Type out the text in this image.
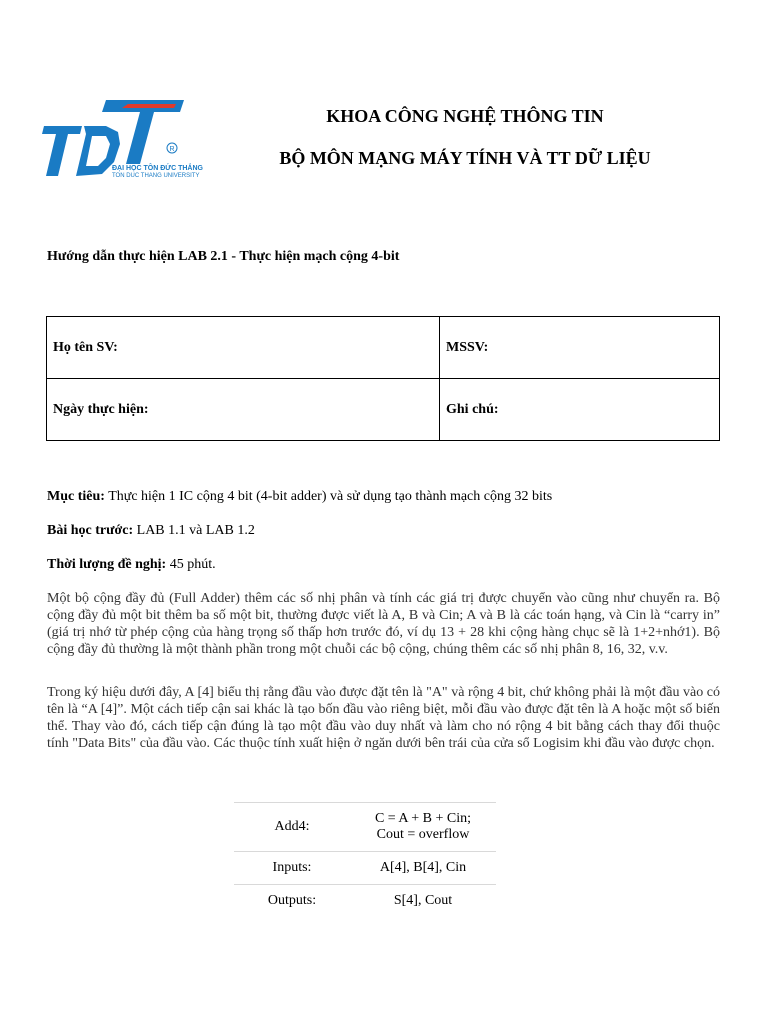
R
ĐẠI HỌC TÔN ĐỨC THẮNG
TON DUC THANG UNIVERSITY
KHOA CÔNG NGHỆ THÔNG TIN
BỘ MÔN MẠNG MÁY TÍNH VÀ TT DỮ LIỆU
Hướng dẫn thực hiện LAB 2.1 - Thực hiện mạch cộng 4-bit
Họ tên SV:	MSSV:
Ngày thực hiện:	Ghi chú:
Mục tiêu: Thực hiện 1 IC cộng 4 bit (4-bit adder) và sử dụng tạo thành mạch cộng 32 bits
Bài học trước: LAB 1.1 và LAB 1.2
Thời lượng đề nghị: 45 phút.
Một bộ cộng đầy đủ (Full Adder) thêm các số nhị phân và tính các giá trị được chuyển vào cũng như chuyển ra. Bộ cộng đầy đủ một bit thêm ba số một bit, thường được viết là A, B và Cin; A và B là các toán hạng, và Cin là “carry in” (giá trị nhớ từ phép cộng của hàng trọng số thấp hơn trước đó, ví dụ 13 + 28 khi cộng hàng chục sẽ là 1+2+nhớ1). Bộ cộng đầy đủ thường là một thành phần trong một chuỗi các bộ cộng, chúng thêm các số nhị phân 8, 16, 32, v.v.
Trong ký hiệu dưới đây, A [4] biểu thị rằng đầu vào được đặt tên là "A" và rộng 4 bit, chứ không phải là một đầu vào có tên là “A [4]”. Một cách tiếp cận sai khác là tạo bốn đầu vào riêng biệt, mỗi đầu vào được đặt tên là A hoặc một số biến thể. Thay vào đó, cách tiếp cận đúng là tạo một đầu vào duy nhất và làm cho nó rộng 4 bit bằng cách thay đổi thuộc tính "Data Bits" của đầu vào. Các thuộc tính xuất hiện ở ngăn dưới bên trái của cửa sổ Logisim khi đầu vào được chọn.
Add4:	C = A + B + Cin;
Cout = overflow

Inputs:	A[4], B[4], Cin
Outputs:	S[4], Cout
